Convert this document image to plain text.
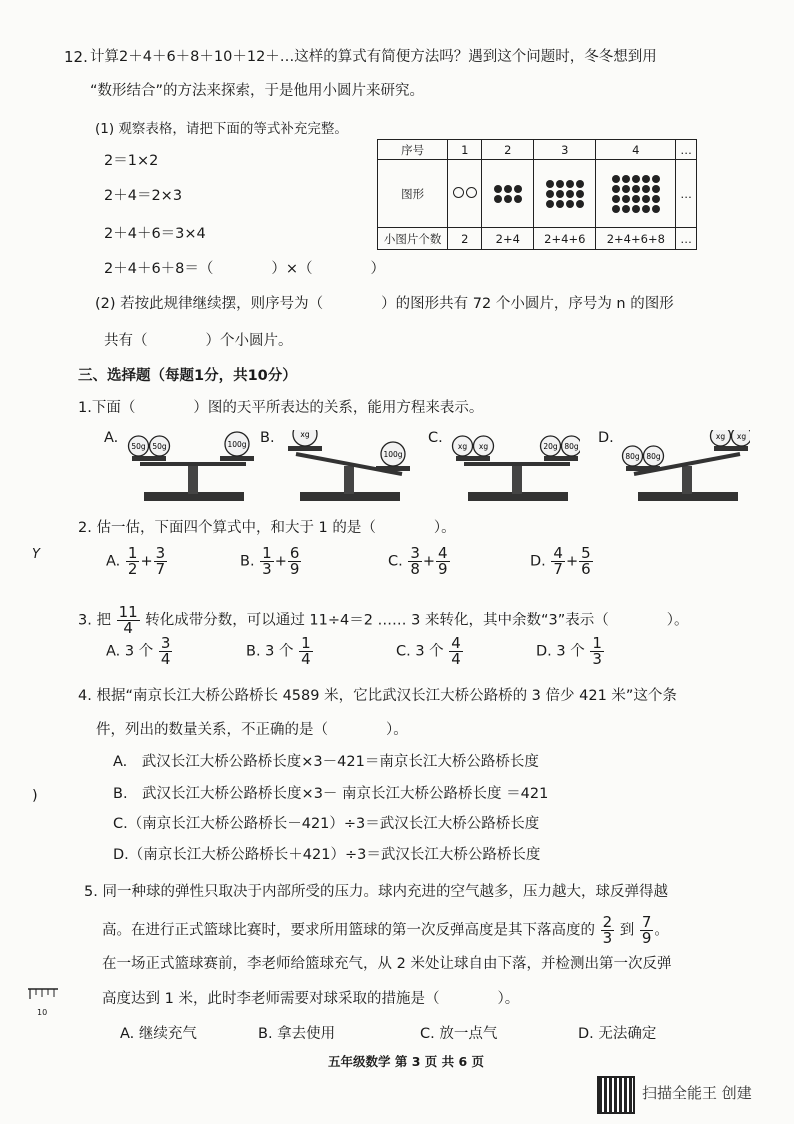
12. 计算2＋4＋6＋8＋10＋12＋…这样的算式有简便方法吗？遇到这个问题时，冬冬想到用
“数形结合”的方法来探索，于是他用小圆片来研究。
(1) 观察表格，请把下面的等式补充完整。
2＝1×2
2＋4＝2×3
2＋4＋6＝3×4
2＋4＋6＋8＝（　　　　）×（　　　　）
序号	1	2	3	4	…
图形					…
小图片个数	2	2+4	2+4+6	2+4+6+8	…
(2) 若按此规律继续摆，则序号为（　　　　）的图形共有 72 个小圆片，序号为 n 的图形
共有（　　　　）个小圆片。
三、选择题（每题1分，共10分）
1.下面（　　　　）图的天平所表达的关系，能用方程来表示。
A.
50g 50g	100g B.	xg
100g
C.
xg xg	20g 80g
D.
80g 80g
xg xg
2. 估一估，下面四个算式中，和大于 1 的是（　　　　）。
A. $\frac{1}{2} + \frac{3}{7}$	B. $\frac{1}{3} + \frac{6}{9}$	C. $\frac{3}{8} + \frac{4}{9}$	D. $\frac{4}{7} + \frac{5}{6}$
3. 把 $\frac{11}{4}$ 转化成带分数，可以通过 11÷4＝2 …… 3 来转化，其中余数“3”表示（　　　　）。
A. 3 个 $\frac{3}{4}$	B. 3 个 $\frac{1}{4}$	C. 3 个 $\frac{4}{4}$	D. 3 个 $\frac{1}{3}$
4. 根据“南京长江大桥公路桥长 4589 米，它比武汉长江大桥公路桥的 3 倍少 421 米”这个条
件，列出的数量关系，不正确的是（　　　　）。
A.　武汉长江大桥公路桥长度×3－421＝南京长江大桥公路桥长度
B.　武汉长江大桥公路桥长度×3－ 南京长江大桥公路桥长度 ＝421
C.（南京长江大桥公路桥长－421）÷3＝武汉长江大桥公路桥长度
D.（南京长江大桥公路桥长＋421）÷3＝武汉长江大桥公路桥长度
5. 同一种球的弹性只取决于内部所受的压力。球内充进的空气越多，压力越大，球反弹得越
高。在进行正式篮球比赛时，要求所用篮球的第一次反弹高度是其下落高度的 $\frac{2}{3}$ 到 $\frac{7}{9}$ 。
在一场正式篮球赛前，李老师给篮球充气，从 2 米处让球自由下落，并检测出第一次反弹
高度达到 1 米，此时李老师需要对球采取的措施是（　　　　）。
A. 继续充气	B. 拿去使用	C. 放一点气	D. 无法确定
Y
)
10
五年级数学 第 3 页 共 6 页
扫描全能王 创建
